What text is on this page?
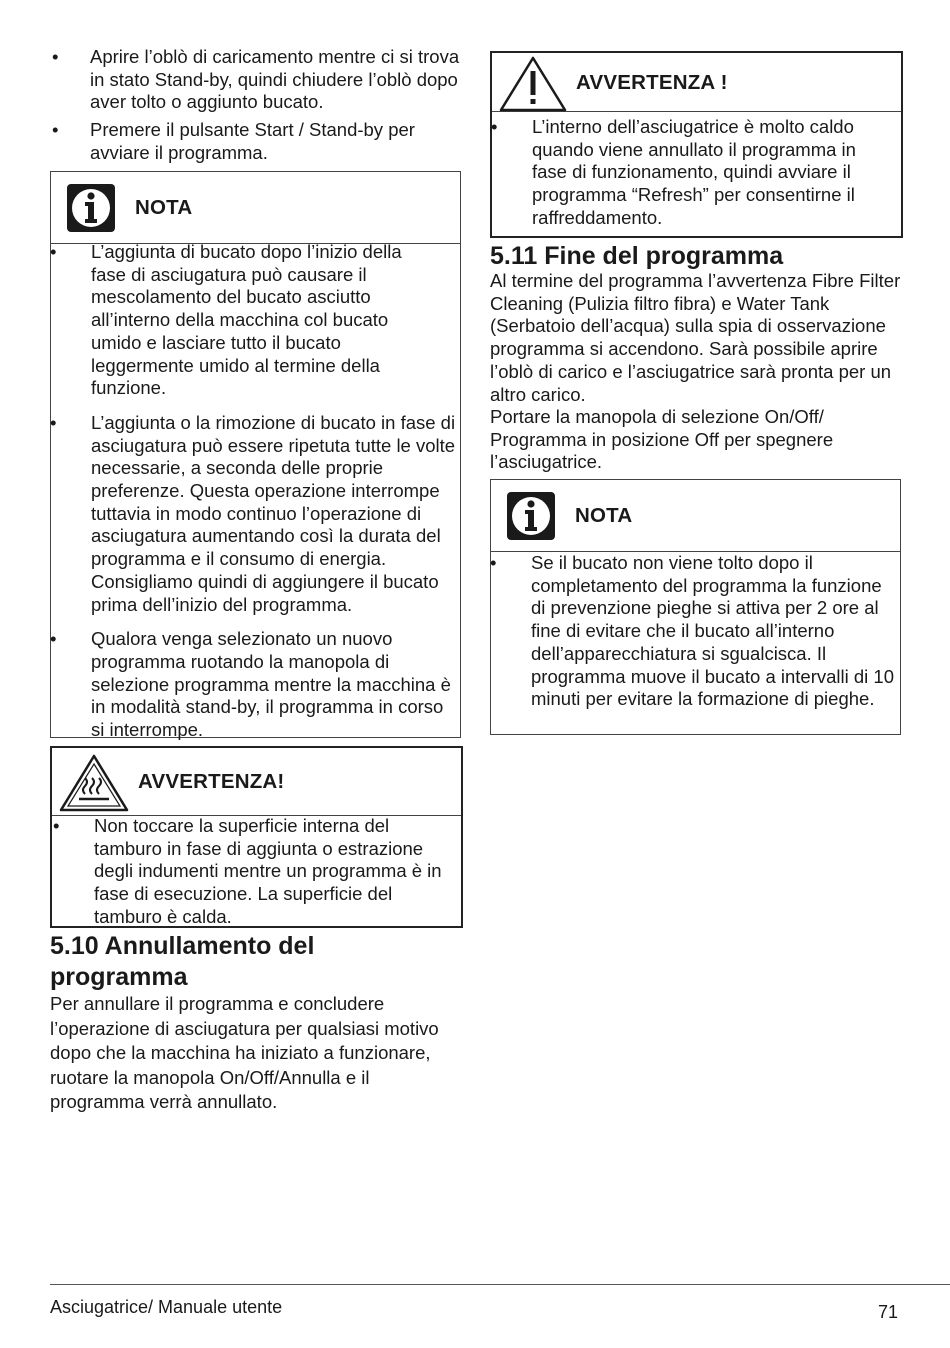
• Aprire l’oblò di caricamento mentre ci si trova in stato Stand-by, quindi chiudere l’oblò dopo aver tolto o aggiunto bucato.
• Premere il pulsante Start / Stand-by per avviare il programma.
NOTA
• L’aggiunta di bucato dopo l’inizio della fase di asciugatura può causare il mescolamento del bucato asciutto all’interno della macchina col bucato umido e lasciare tutto il bucato leggermente umido al termine della funzione.
• L’aggiunta o la rimozione di bucato in fase di asciugatura può essere ripetuta tutte le volte necessarie, a seconda delle proprie preferenze. Questa operazione interrompe tuttavia in modo continuo l’operazione di asciugatura aumentando così la durata del programma e il consumo di energia. Consigliamo quindi di aggiungere il bucato prima dell’inizio del programma.
• Qualora venga selezionato un nuovo programma ruotando la manopola di selezione programma mentre la macchina è in modalità stand-by, il programma in corso si interrompe.
AVVERTENZA!
• Non toccare la superficie interna del tamburo in fase di aggiunta o estrazione degli indumenti mentre un programma è in fase di esecuzione. La superficie del tamburo è calda.
5.10 Annullamento del
programma

Per annullare il programma e concludere l’operazione di asciugatura per qualsiasi motivo dopo che la macchina ha iniziato a funzionare, ruotare la manopola On/Off/Annulla e il programma verrà annullato.

AVVERTENZA !
• L’interno dell’asciugatrice è molto caldo quando viene annullato il programma in fase di funzionamento, quindi avviare il programma “Refresh” per consentirne il raffreddamento.
5.11 Fine del programma

Al termine del programma l’avvertenza Fibre Filter Cleaning (Pulizia filtro fibra) e Water Tank (Serbatoio dell’acqua) sulla spia di osservazione programma si accendono. Sarà possibile aprire l’oblò di carico e l’asciugatrice sarà pronta per un altro carico.

Portare la manopola di selezione On/Off/ Programma in posizione Off per spegnere l’asciugatrice.

NOTA
• Se il bucato non viene tolto dopo il completamento del programma la funzione di prevenzione pieghe si attiva per 2 ore al fine di evitare che il bucato all’interno dell’apparecchiatura si sgualcisca. Il programma muove il bucato a intervalli di 10 minuti per evitare la formazione di pieghe.
Asciugatrice/ Manuale utente	71
